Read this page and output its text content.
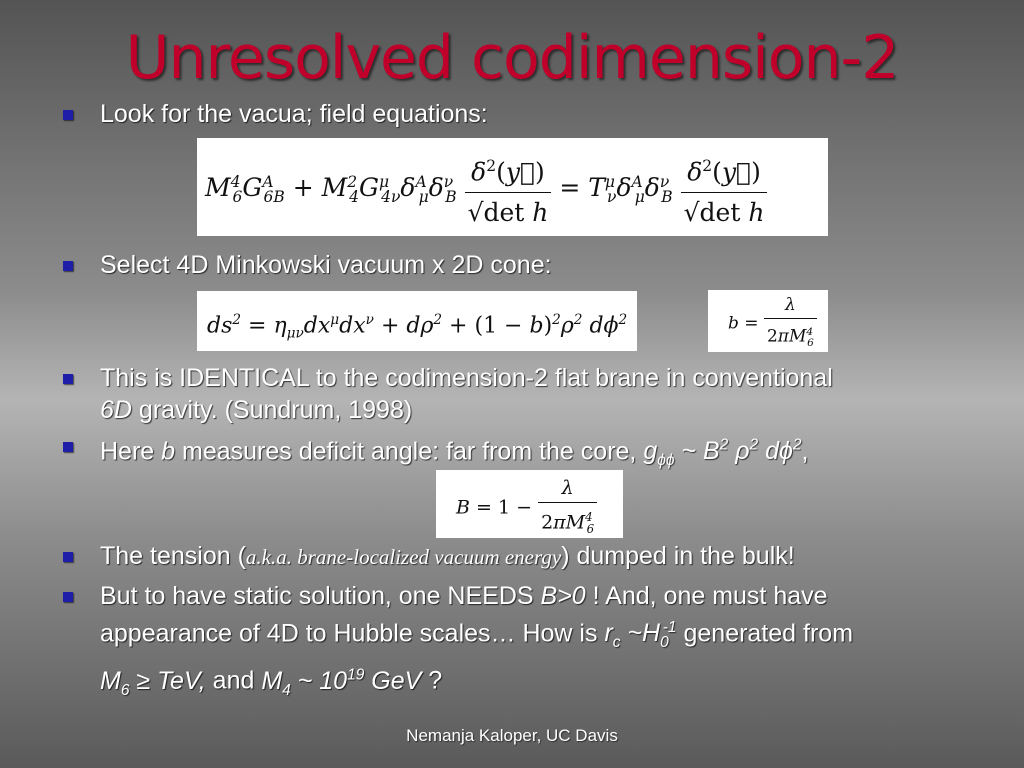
Unresolved codimension-2
Look for the vacua; field equations:
$M^4_6G^A_{6B} + M^2_4G^\mu_{4\nu}\delta^A_\mu\delta^\nu_B \frac{\delta^2(y⃗)}{\text{√det h}} = T^\mu_\nu\delta^A_\mu\delta^\nu_B \frac{\delta^2(y⃗)}{\text{√det h}}$
Select 4D Minkowski vacuum x 2D cone:
$ds^2 = \eta_{\mu\nu}dx^\mu dx^\nu + d\rho^2 + (1 - b)^2\rho^2$ $d\phi^2$	$b = \frac{\lambda}{2\pi M^4_6}$
This is IDENTICAL to the codimension-2 flat brane in conventional
6D gravity. (Sundrum, 1998)
Here b measures deficit angle: far from the core, $g_{\phi\phi}$ ~ $B^2$ $\rho^2$ $d\phi^2$,
$B = 1 - \frac{\lambda}{2\pi M^4_6}$
The tension (a.k.a. brane-localized vacuum energy) dumped in the bulk!
But to have static solution, one NEEDS B>0 ! And, one must have
appearance of 4D to Hubble scales… How is $r_c$ $\sim H_0^{-1}$ generated from
$M_6$ ≥ TeV, and $M_4$ ~ $10^{19}$ GeV ?
Nemanja Kaloper, UC Davis
